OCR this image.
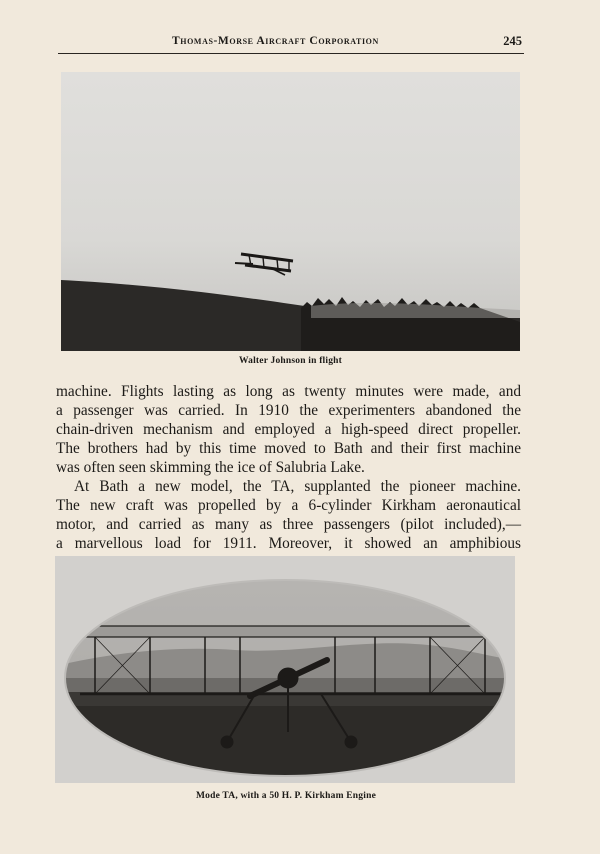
Thomas-Morse Aircraft Corporation	245
Walter Johnson in flight
machine. Flights lasting as long as twenty minutes were made, and
a passenger was carried. In 1910 the experimenters abandoned the
chain-driven mechanism and employed a high-speed direct propeller.
The brothers had by this time moved to Bath and their first machine
was often seen skimming the ice of Salubria Lake.
At Bath a new model, the TA, supplanted the pioneer machine.
The new craft was propelled by a 6-cylinder Kirkham aeronautical
motor, and carried as many as three passengers (pilot included),—
a marvellous load for 1911. Moreover, it showed an amphibious
Mode TA, with a 50 H. P. Kirkham Engine
